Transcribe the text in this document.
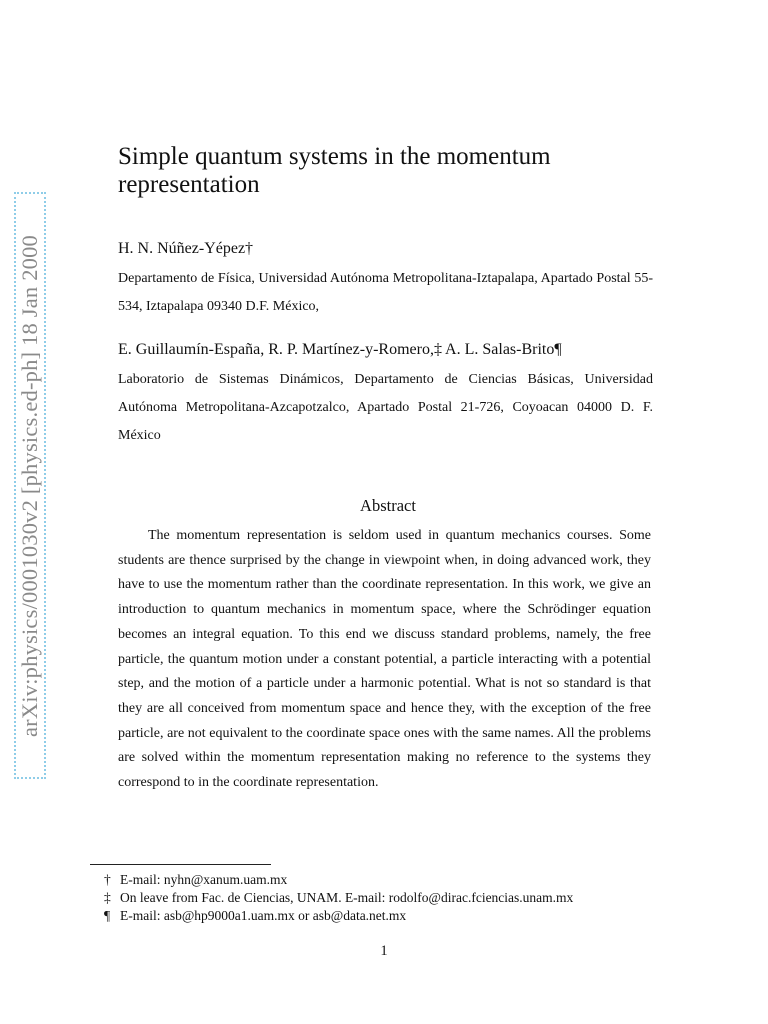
arXiv:physics/0001030v2 [physics.ed-ph] 18 Jan 2000
Simple quantum systems in the momentum representation
H. N. Núñez-Yépez†
Departamento de Física, Universidad Autónoma Metropolitana-Iztapalapa, Apartado Postal 55-534, Iztapalapa 09340 D.F. México,
E. Guillaumín-España, R. P. Martínez-y-Romero,‡ A. L. Salas-Brito¶
Laboratorio de Sistemas Dinámicos, Departamento de Ciencias Básicas, Universidad Autónoma Metropolitana-Azcapotzalco, Apartado Postal 21-726, Coyoacan 04000 D. F. México
Abstract

The momentum representation is seldom used in quantum mechanics courses. Some students are thence surprised by the change in viewpoint when, in doing advanced work, they have to use the momentum rather than the coordinate representation. In this work, we give an introduction to quantum mechanics in momentum space, where the Schrödinger equation becomes an integral equation. To this end we discuss standard problems, namely, the free particle, the quantum motion under a constant potential, a particle interacting with a potential step, and the motion of a particle under a harmonic potential. What is not so standard is that they are all conceived from momentum space and hence they, with the exception of the free particle, are not equivalent to the coordinate space ones with the same names. All the problems are solved within the momentum representation making no reference to the systems they correspond to in the coordinate representation.

† E-mail: nyhn@xanum.uam.mx
‡ On leave from Fac. de Ciencias, UNAM. E-mail: rodolfo@dirac.fciencias.unam.mx
¶ E-mail: asb@hp9000a1.uam.mx or asb@data.net.mx
1
